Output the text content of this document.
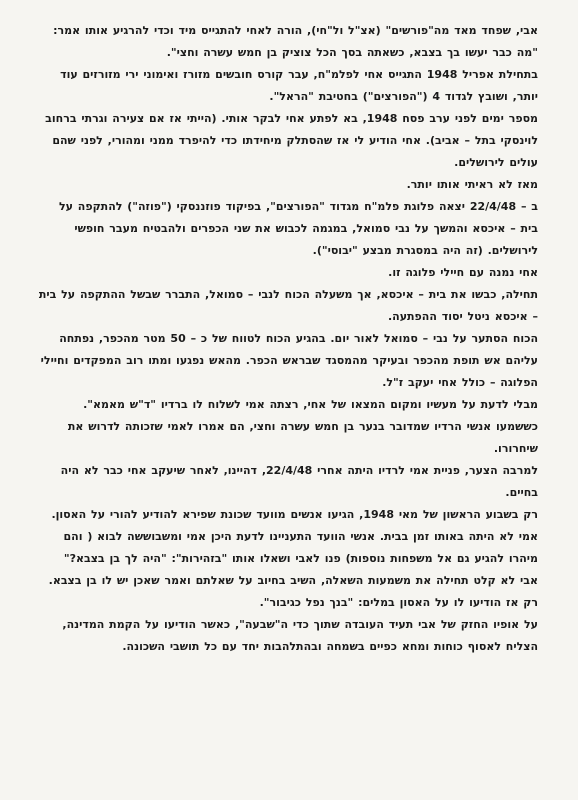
אבי, שפחד מאד מה"פורשים" (אצ"ל ול"חי), הורה לאחי להתגייס מיד וכדי להרגיע אותו אמר: "מה כבר יעשו בך בצבא, כשאתה בסך הכל צוציק בן חמש עשרה וחצי".

בתחילת אפריל 1948 התגייס אחי לפלמ"ח, עבר קורס חובשים מזורז ואימוני ירי מזורזים עוד יותר, ושובץ לגדוד 4 ("הפורצים") בחטיבת "הראל".

מספר ימים לפני ערב פסח 1948, בא לפתע אחי לבקר אותי. (הייתי אז אם צעירה וגרתי ברחוב לוינסקי בתל – אביב). אחי הודיע לי אז שהסתלק מיחידתו כדי להיפרד ממני ומהורי, לפני שהם עולים לירושלים.

מאז לא ראיתי אותו יותר.

ב – 22/4/48 יצאה פלוגת פלמ"ח מגדוד "הפורצים", בפיקוד פוזננסקי ("פוזה") להתקפה על בית – איכסא והמשך על נבי סמואל, במגמה לכבוש את שני הכפרים ולהבטיח מעבר חופשי לירושלים. (זה היה במסגרת מבצע "יבוסי").

אחי נמנה עם חיילי פלוגה זו.

תחילה, כבשו את בית – איכסא, אך משעלה הכוח לנבי – סמואל, התברר שבשל ההתקפה על בית – איכסא ניטל יסוד ההפתעה.

הכוח הסתער על נבי – סמואל לאור יום. בהגיע הכוח לטווח של כ – 50 מטר מהכפר, נפתחה עליהם אש תופת מהכפר ובעיקר מהמסגד שבראש הכפר. מהאש נפגעו ומתו רוב המפקדים וחיילי הפלוגה – כולל אחי יעקב ז"ל.

מבלי לדעת על מעשיו ומקום המצאו של אחי, רצתה אמי לשלוח לו ברדיו "ד"ש מאמא". כששמעו אנשי הרדיו שמדובר בנער בן חמש עשרה וחצי, הם אמרו לאמי שזכותה לדרוש את שיחרורו.

למרבה הצער, פניית אמי לרדיו היתה אחרי 22/4/48, דהיינו, לאחר שיעקב אחי כבר לא היה בחיים.

רק בשבוע הראשון של מאי 1948, הגיעו אנשים מוועד שכונת שפירא להודיע להורי על האסון. אמי לא היתה באותו זמן בבית. אנשי הוועד התעניינו לדעת היכן אמי ומשבוששה לבוא ( והם מיהרו להגיע גם אל משפחות נוספות) פנו לאבי ושאלו אותו "בזהירות": "היה לך בן בצבא?"

אבי לא קלט תחילה את משמעות השאלה, השיב בחיוב על שאלתם ואמר שאכן יש לו בן בצבא. רק אז הודיעו לו על האסון במלים: "בנך נפל כגיבור".

על אופיו החזק של אבי תעיד העובדה שתוך כדי ה"שבעה", כאשר הודיעו על הקמת המדינה, הצליח לאסוף כוחות ומחא כפיים בשמחה ובהתלהבות יחד עם כל תושבי השכונה.
